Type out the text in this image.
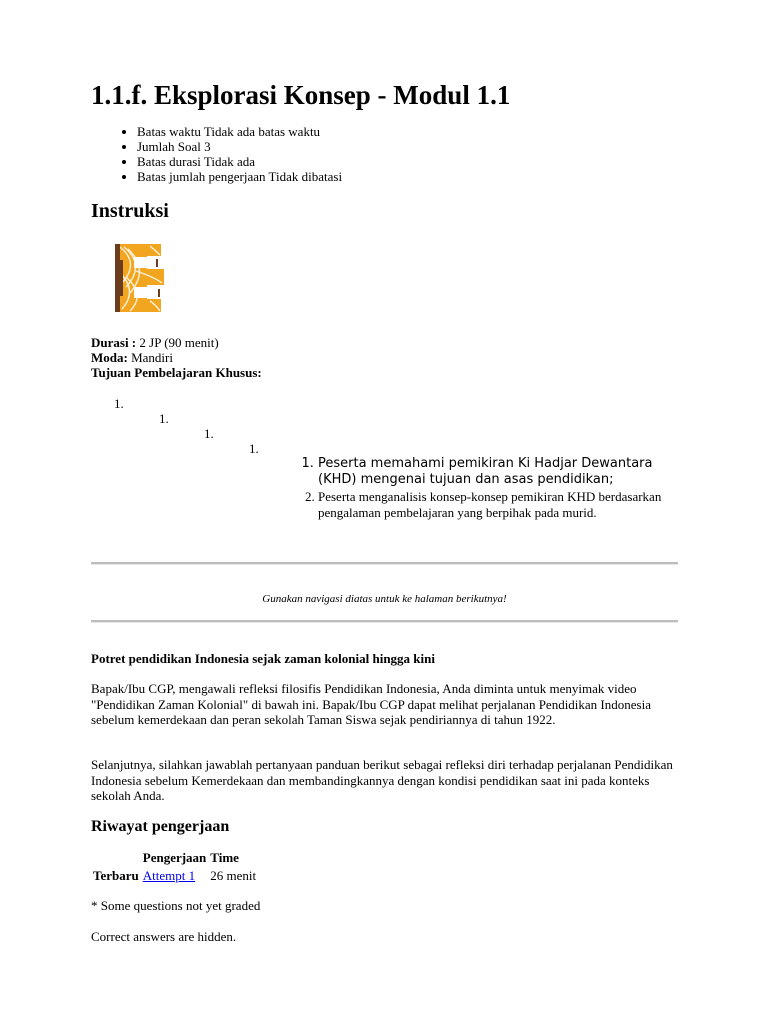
1.1.f. Eksplorasi Konsep - Modul 1.1
• Batas waktu Tidak ada batas waktu
• Jumlah Soal 3
• Batas durasi Tidak ada
• Batas jumlah pengerjaan Tidak dibatasi
Instruksi
Durasi : 2 JP (90 menit)
Moda: Mandiri
Tujuan Pembelajaran Khusus:
1.
1.
1.
1.
1. Peserta memahami pemikiran Ki Hadjar Dewantara (KHD) mengenai tujuan dan asas pendidikan;
2. Peserta menganalisis konsep-konsep pemikiran KHD berdasarkan pengalaman pembelajaran yang berpihak pada murid.
Gunakan navigasi diatas untuk ke halaman berikutnya!
Potret pendidikan Indonesia sejak zaman kolonial hingga kini

Bapak/Ibu CGP, mengawali refleksi filosifis Pendidikan Indonesia, Anda diminta untuk menyimak video "Pendidikan Zaman Kolonial" di bawah ini. Bapak/Ibu CGP dapat melihat perjalanan Pendidikan Indonesia sebelum kemerdekaan dan peran sekolah Taman Siswa sejak pendiriannya di tahun 1922.

Selanjutnya, silahkan jawablah pertanyaan panduan berikut sebagai refleksi diri terhadap perjalanan Pendidikan Indonesia sebelum Kemerdekaan dan membandingkannya dengan kondisi pendidikan saat ini pada konteks sekolah Anda.

Riwayat pengerjaan
	Pengerjaan	Time
Terbaru	Attempt 1	26 menit
* Some questions not yet graded
Correct answers are hidden.
